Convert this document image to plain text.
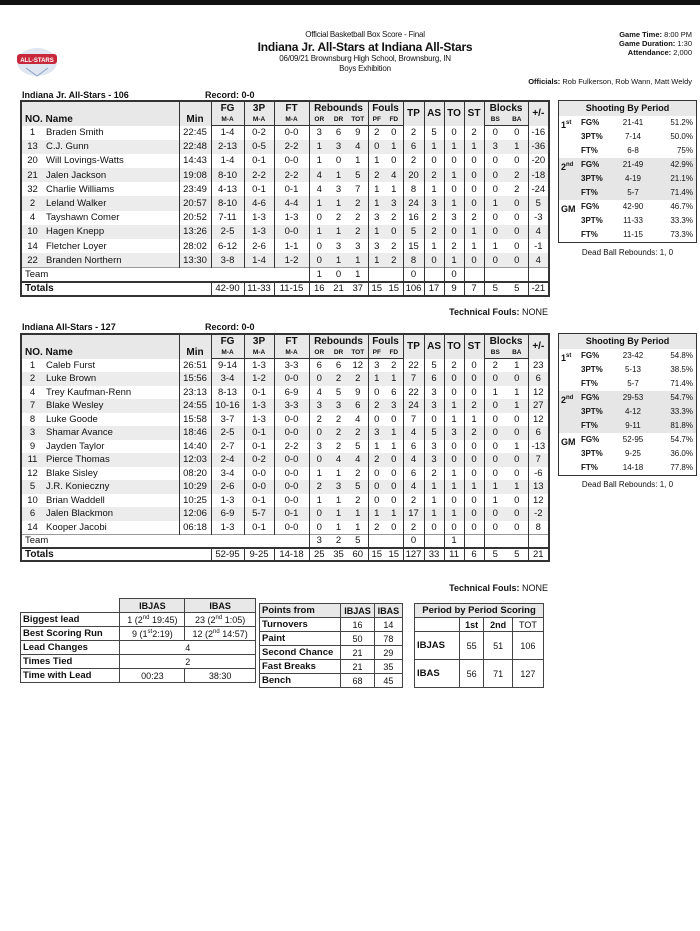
ALL-STARS
Official Basketball Box Score - Final
Indiana Jr. All-Stars at Indiana All-Stars
06/09/21 Brownsburg High School, Brownsburg, IN
Boys Exhibition
Game Time: 8:00 PM
Game Duration: 1:30
Attendance: 2,000
Officials: Rob Fulkerson, Rob Wann, Matt Weldy
Indiana Jr. All-Stars - 106	Record: 0-0
NO. Name		Min	FG	3P	FT	Rebounds			Fouls		TP	AS	TO	ST	Blocks		+/-
			M-A	M-A	M-A	OR	DR	TOT	PF	FD					BS	BA	
1	Braden Smith	22:45	1-4	0-2	0-0	3	6	9	2	0	2	5	0	2	0	0	-16
13	C.J. Gunn	22:48	2-13	0-5	2-2	1	3	4	0	1	6	1	1	1	3	1	-36
20	Will Lovings-Watts	14:43	1-4	0-1	0-0	1	0	1	1	0	2	0	0	0	0	0	-20
21	Jalen Jackson	19:08	8-10	2-2	2-2	4	1	5	2	4	20	2	1	0	0	2	-18
32	Charlie Williams	23:49	4-13	0-1	0-1	4	3	7	1	1	8	1	0	0	0	2	-24
2	Leland Walker	20:57	8-10	4-6	4-4	1	1	2	1	3	24	3	1	0	1	0	5
4	Tayshawn Comer	20:52	7-11	1-3	1-3	0	2	2	3	2	16	2	3	2	0	0	-3
10	Hagen Knepp	13:26	2-5	1-3	0-0	1	1	2	1	0	5	2	0	1	0	0	4
14	Fletcher Loyer	28:02	6-12	2-6	1-1	0	3	3	3	2	15	1	2	1	1	0	-1
22	Branden Northern	13:30	3-8	1-4	1-2	0	1	1	1	2	8	0	1	0	0	0	4
Team						1	0	1			0		0				
Totals			42-90	11-33	11-15	16	21	37	15	15	106	17	9	7	5	5	-21
Technical Fouls: NONE
Shooting By Period
1st	FG%	21-41	51.2%
3PT%	7-14	50.0%
FT%	6-8	75%
2nd FG%	21-49	42.9%
3PT%	4-19	21.1%
FT%	5-7	71.4%
GM FG%	42-90	46.7%
3PT%	11-33	33.3%
FT%	11-15	73.3%
Dead Ball Rebounds: 1, 0
Indiana All-Stars - 127	Record: 0-0
NO. Name		Min	FG	3P	FT	Rebounds			Fouls		TP	AS	TO	ST	Blocks		+/-
			M-A	M-A	M-A	OR	DR	TOT	PF	FD					BS	BA	
1	Caleb Furst	26:51	9-14	1-3	3-3	6	6	12	3	2	22	5	2	0	2	1	23
2	Luke Brown	15:56	3-4	1-2	0-0	0	2	2	1	1	7	6	0	0	0	0	6
4	Trey Kaufman-Renn	23:13	8-13	0-1	6-9	4	5	9	0	6	22	3	0	0	1	1	12
7	Blake Wesley	24:55	10-16	1-3	3-3	3	3	6	2	3	24	3	1	2	0	1	27
8	Luke Goode	15:58	3-7	1-3	0-0	2	2	4	0	0	7	0	1	1	0	0	12
3	Shamar Avance	18:46	2-5	0-1	0-0	0	2	2	3	1	4	5	3	2	0	0	6
9	Jayden Taylor	14:40	2-7	0-1	2-2	3	2	5	1	1	6	3	0	0	0	1	-13
11	Pierce Thomas	12:03	2-4	0-2	0-0	0	4	4	2	0	4	3	0	0	0	0	7
12	Blake Sisley	08:20	3-4	0-0	0-0	1	1	2	0	0	6	2	1	0	0	0	-6
5	J.R. Konieczny	10:29	2-6	0-0	0-0	2	3	5	0	0	4	1	1	1	1	1	13
10	Brian Waddell	10:25	1-3	0-1	0-0	1	1	2	0	0	2	1	0	0	1	0	12
6	Jalen Blackmon	12:06	6-9	5-7	0-1	0	1	1	1	1	17	1	1	0	0	0	-2
14	Kooper Jacobi	06:18	1-3	0-1	0-0	0	1	1	2	0	2	0	0	0	0	0	8
Team						3	2	5			0		1				
Totals			52-95	9-25	14-18	25	35	60	15	15	127	33	11	6	5	5	21
Technical Fouls: NONE
Shooting By Period
1st	FG%	23-42	54.8%
3PT%	5-13	38.5%
FT%	5-7	71.4%
2nd FG%	29-53	54.7%
3PT%	4-12	33.3%
FT%	9-11	81.8%
GM FG%	52-95	54.7%
3PT%	9-25	36.0%
FT%	14-18	77.8%
Dead Ball Rebounds: 1, 0
	IBJAS	IBAS
Biggest lead	1 (2nd 19:45)	23 (2nd 1:05)
Best Scoring Run	9 (1st2:19)	12 (2nd 14:57)
Lead Changes	4	
Times Tied	2	
Time with Lead	00:23	38:30
Points from	IBJAS	IBAS
Turnovers	16	14
Paint	50	78
Second Chance	21	29
Fast Breaks	21	35
Bench	68	45
Period by Period Scoring			
	1st	2nd	TOT
IBJAS	55	51	106
IBAS	56	71	127
